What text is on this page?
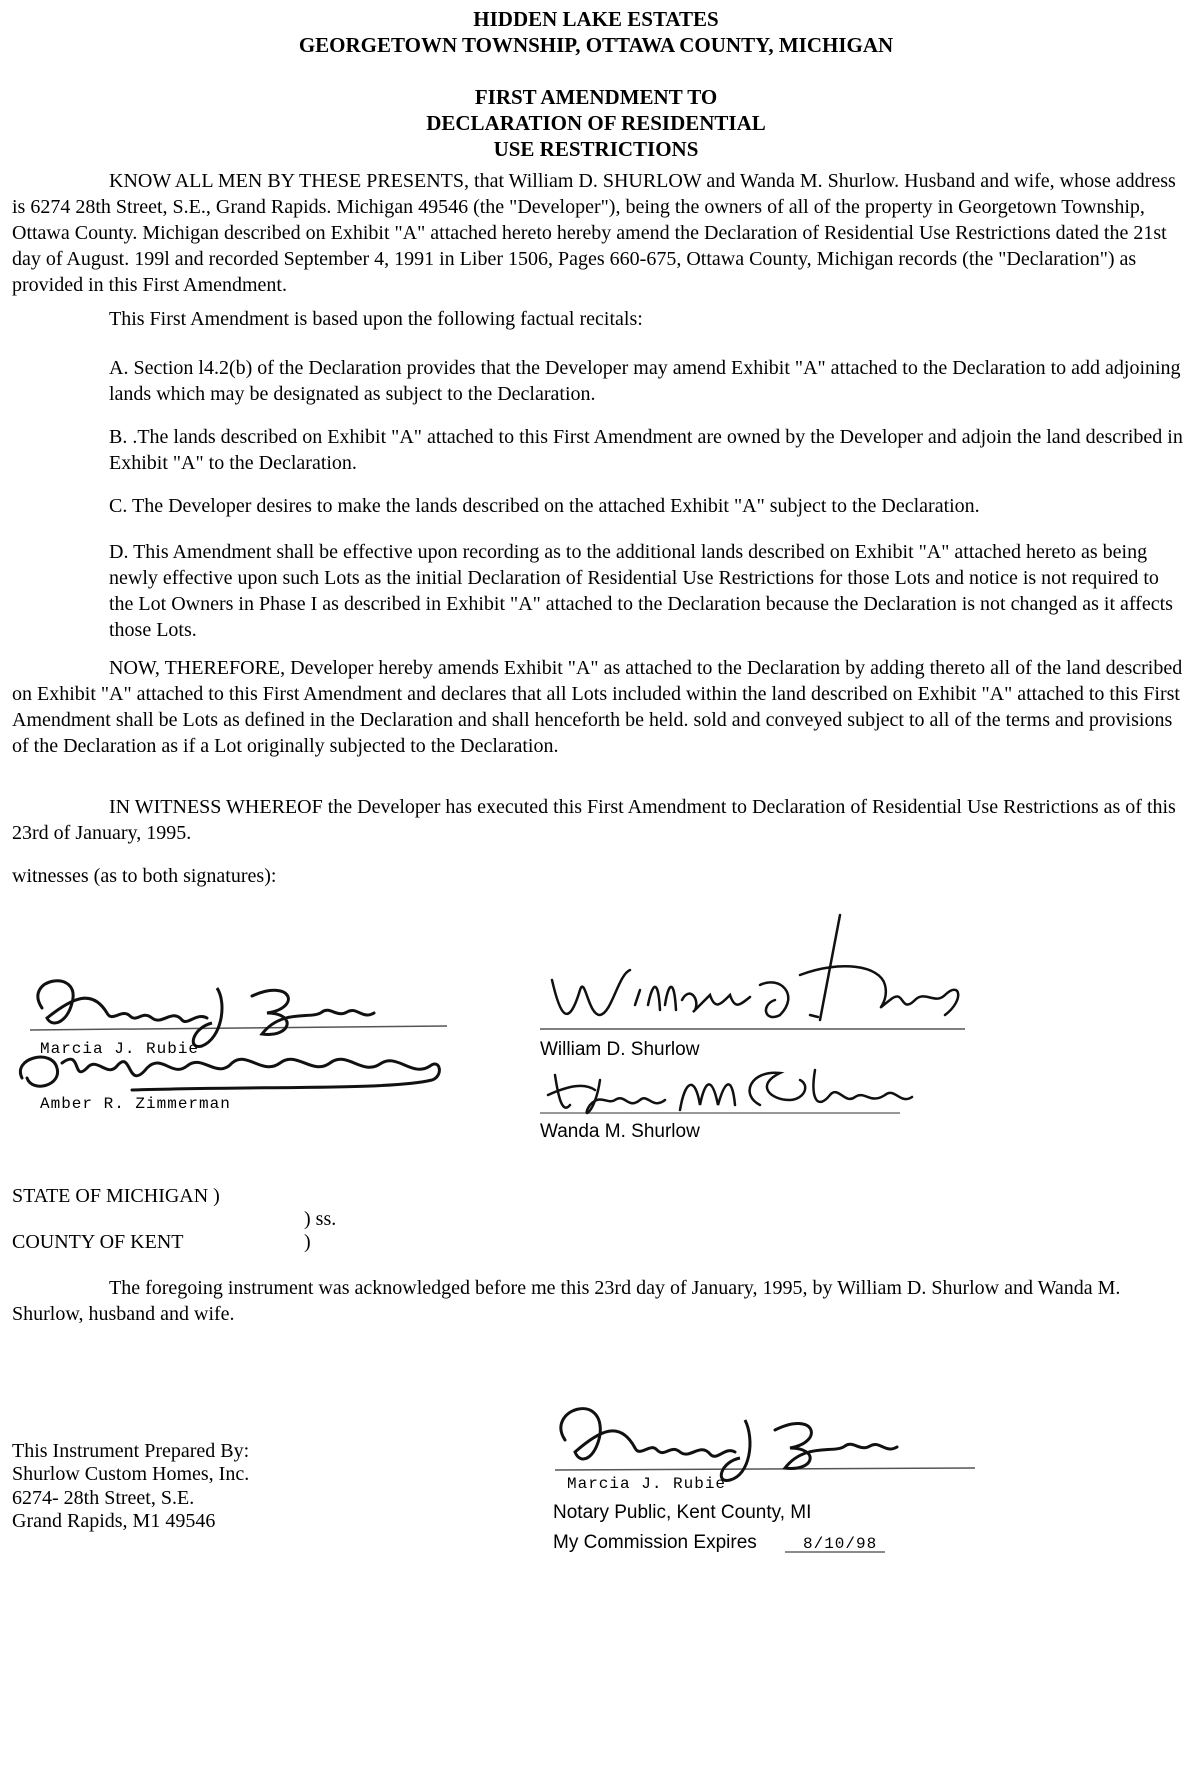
HIDDEN LAKE ESTATES
GEORGETOWN TOWNSHIP, OTTAWA COUNTY, MICHIGAN
FIRST AMENDMENT TO
DECLARATION OF RESIDENTIAL
USE RESTRICTIONS

KNOW ALL MEN BY THESE PRESENTS, that William D. SHURLOW and Wanda M. Shurlow. Husband and wife, whose address is 6274 28th Street, S.E., Grand Rapids. Michigan 49546 (the "Developer"), being the owners of all of the property in Georgetown Township, Ottawa County. Michigan described on Exhibit "A" attached hereto hereby amend the Declaration of Residential Use Restrictions dated the 21st day of August. 199l and recorded September 4, 1991 in Liber 1506, Pages 660-675, Ottawa County, Michigan records (the "Declaration") as provided in this First Amendment.

This First Amendment is based upon the following factual recitals:

A. Section l4.2(b) of the Declaration provides that the Developer may amend Exhibit "A" attached to the Declaration to add adjoining lands which may be designated as subject to the Declaration.

B. .The lands described on Exhibit "A" attached to this First Amendment are owned by the Developer and adjoin the land described in Exhibit "A" to the Declaration.

C. The Developer desires to make the lands described on the attached Exhibit "A" subject to the Declaration.

D. This Amendment shall be effective upon recording as to the additional lands described on Exhibit "A" attached hereto as being newly effective upon such Lots as the initial Declaration of Residential Use Restrictions for those Lots and notice is not required to the Lot Owners in Phase I as described in Exhibit "A" attached to the Declaration because the Declaration is not changed as it affects those Lots.

NOW, THEREFORE, Developer hereby amends Exhibit "A" as attached to the Declaration by adding thereto all of the land described on Exhibit "A" attached to this First Amendment and declares that all Lots included within the land described on Exhibit "A" attached to this First Amendment shall be Lots as defined in the Declaration and shall henceforth be held. sold and conveyed subject to all of the terms and provisions of the Declaration as if a Lot originally subjected to the Declaration.

IN WITNESS WHEREOF the Developer has executed this First Amendment to Declaration of Residential Use Restrictions as of this 23rd of January, 1995.

witnesses (as to both signatures):

Marcia J. Rubie
Amber R. Zimmerman
William D. Shurlow
Wanda M. Shurlow
STATE OF MICHIGAN )
) ss.
COUNTY OF KENT	)

The foregoing instrument was acknowledged before me this 23rd day of January, 1995, by William D. Shurlow and Wanda M. Shurlow, husband and wife.

This Instrument Prepared By:
Shurlow Custom Homes, Inc.
6274- 28th Street, S.E.
Grand Rapids, M1 49546
Marcia J. Rubie
Notary Public, Kent County, MI
My Commission Expires	8/10/98
